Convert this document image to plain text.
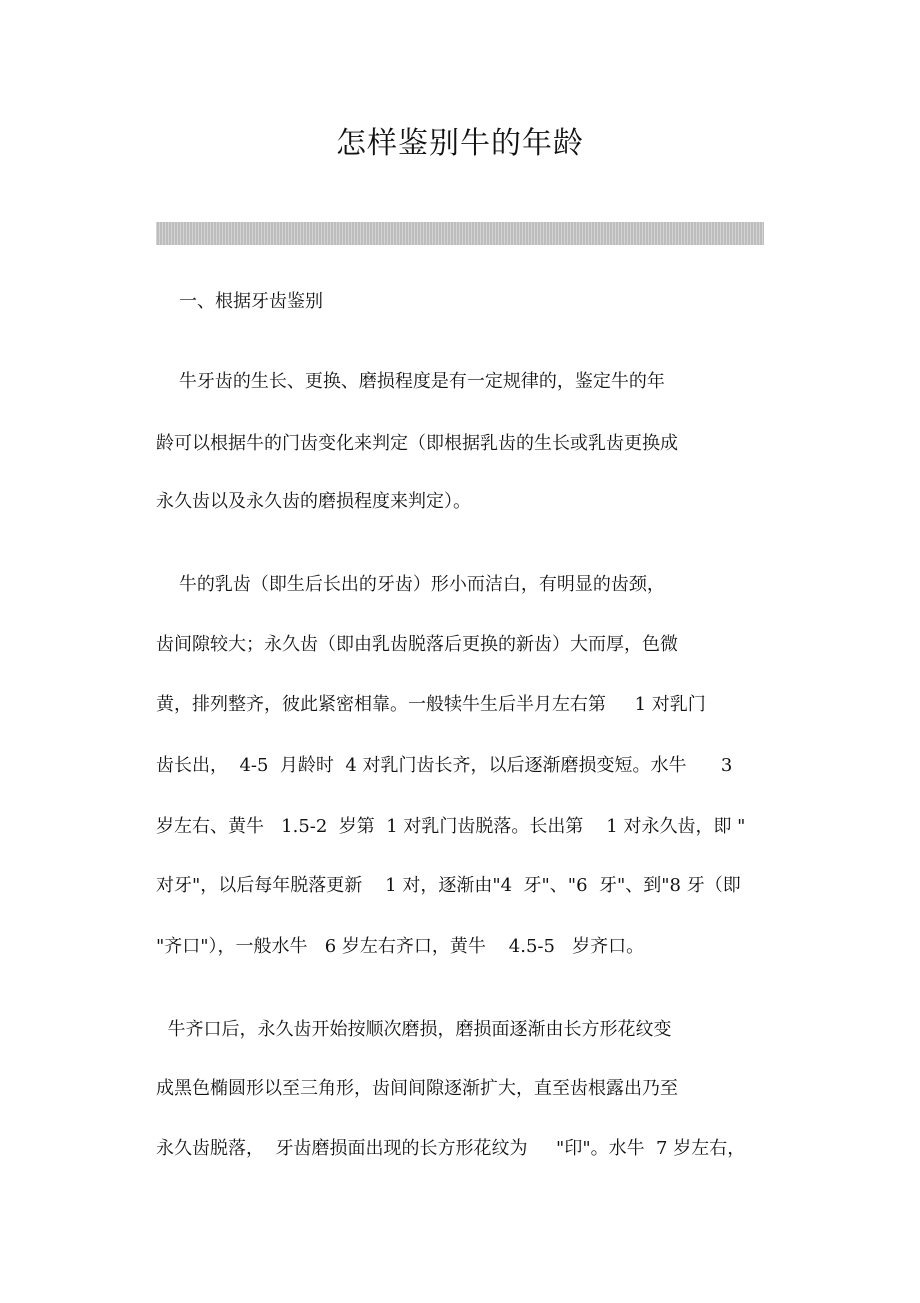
怎样鉴别牛的年龄
一、根据牙齿鉴别
牛牙齿的生长、更换、磨损程度是有一定规律的，鉴定牛的年
龄可以根据牛的门齿变化来判定（即根据乳齿的生长或乳齿更换成
永久齿以及永久齿的磨损程度来判定）。
牛的乳齿（即生后长出的牙齿）形小而洁白，有明显的齿颈，
齿间隙较大；永久齿（即由乳齿脱落后更换的新齿）大而厚，色微
黄，排列整齐，彼此紧密相靠。一般犊牛生后半月左右第     1 对乳门
齿长出，  4-5  月龄时  4 对乳门齿长齐，以后逐渐磨损变短。水牛      3
岁左右、黄牛   1.5-2  岁第  1 对乳门齿脱落。长出第    1 对永久齿，即 "
对牙"，以后每年脱落更新    1 对，逐渐由"4  牙"、"6  牙"、到"8 牙（即
"齐口"），一般水牛   6 岁左右齐口，黄牛    4.5-5   岁齐口。
牛齐口后，永久齿开始按顺次磨损，磨损面逐渐由长方形花纹变
成黑色椭圆形以至三角形，齿间间隙逐渐扩大，直至齿根露出乃至
永久齿脱落，  牙齿磨损面出现的长方形花纹为     "印"。水牛  7 岁左右，
